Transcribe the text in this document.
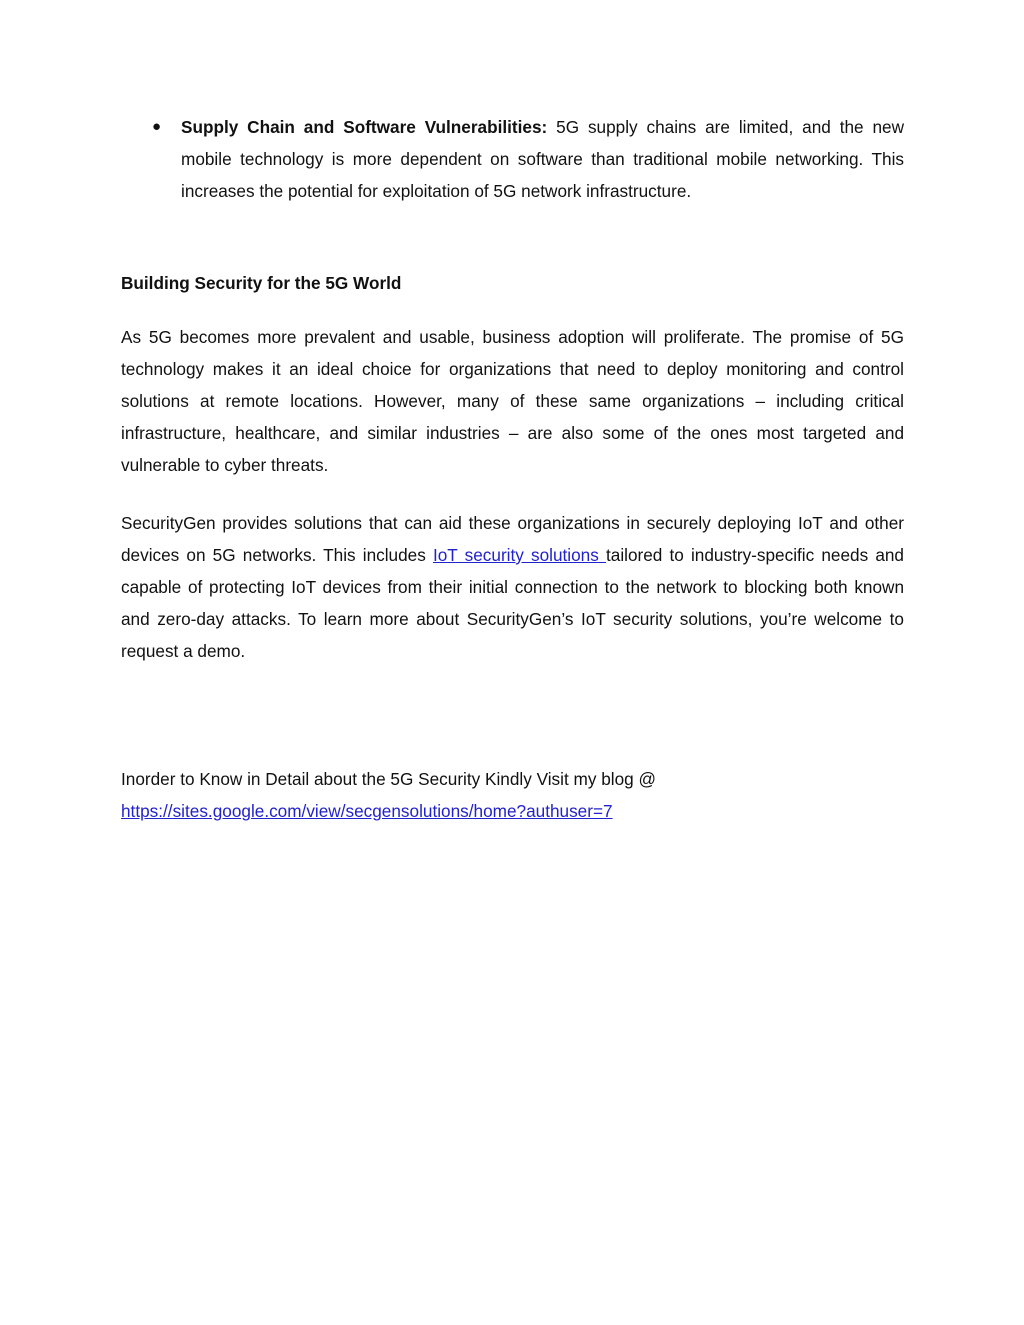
● Supply Chain and Software Vulnerabilities: 5G supply chains are limited, and the new mobile technology is more dependent on software than traditional mobile networking. This increases the potential for exploitation of 5G network infrastructure.
Building Security for the 5G World

As 5G becomes more prevalent and usable, business adoption will proliferate. The promise of 5G technology makes it an ideal choice for organizations that need to deploy monitoring and control solutions at remote locations. However, many of these same organizations – including critical infrastructure, healthcare, and similar industries – are also some of the ones most targeted and vulnerable to cyber threats.

SecurityGen provides solutions that can aid these organizations in securely deploying IoT and other devices on 5G networks. This includes IoT security solutions tailored to industry-specific needs and capable of protecting IoT devices from their initial connection to the network to blocking both known and zero-day attacks. To learn more about SecurityGen’s IoT security solutions, you’re welcome to request a demo.

Inorder to Know in Detail about the 5G Security Kindly Visit my blog @
https://sites.google.com/view/secgensolutions/home?authuser=7
